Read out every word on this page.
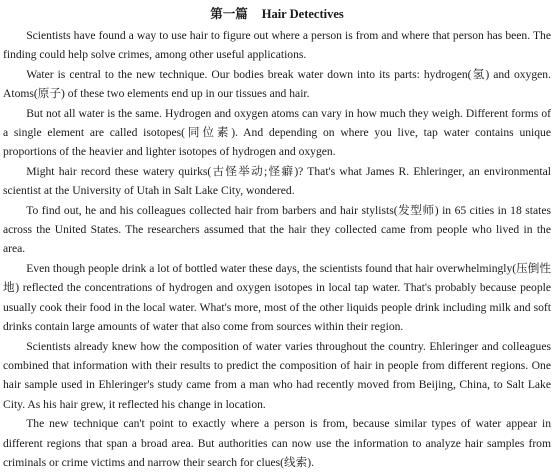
第一篇 Hair Detectives

Scientists have found a way to use hair to figure out where a person is from and where that person has been. The finding could help solve crimes, among other useful applications.

Water is central to the new technique. Our bodies break water down into its parts: hydrogen(氢) and oxygen. Atoms(原子) of these two elements end up in our tissues and hair.

But not all water is the same. Hydrogen and oxygen atoms can vary in how much they weigh. Different forms of a single element are called isotopes(同位素). And depending on where you live, tap water contains unique proportions of the heavier and lighter isotopes of hydrogen and oxygen.

Might hair record these watery quirks(古怪举动;怪癖)? That's what James R. Ehleringer, an environmental scientist at the University of Utah in Salt Lake City, wondered.

To find out, he and his colleagues collected hair from barbers and hair stylists(发型师) in 65 cities in 18 states across the United States. The researchers assumed that the hair they collected came from people who lived in the area.

Even though people drink a lot of bottled water these days, the scientists found that hair overwhelmingly(压倒性地) reflected the concentrations of hydrogen and oxygen isotopes in local tap water. That's probably because people usually cook their food in the local water. What's more, most of the other liquids people drink including milk and soft drinks contain large amounts of water that also come from sources within their region.

Scientists already knew how the composition of water varies throughout the country. Ehleringer and colleagues combined that information with their results to predict the composition of hair in people from different regions. One hair sample used in Ehleringer's study came from a man who had recently moved from Beijing, China, to Salt Lake City. As his hair grew, it reflected his change in location.

The new technique can't point to exactly where a person is from, because similar types of water appear in different regions that span a broad area. But authorities can now use the information to analyze hair samples from criminals or crime victims and narrow their search for clues(线索).
